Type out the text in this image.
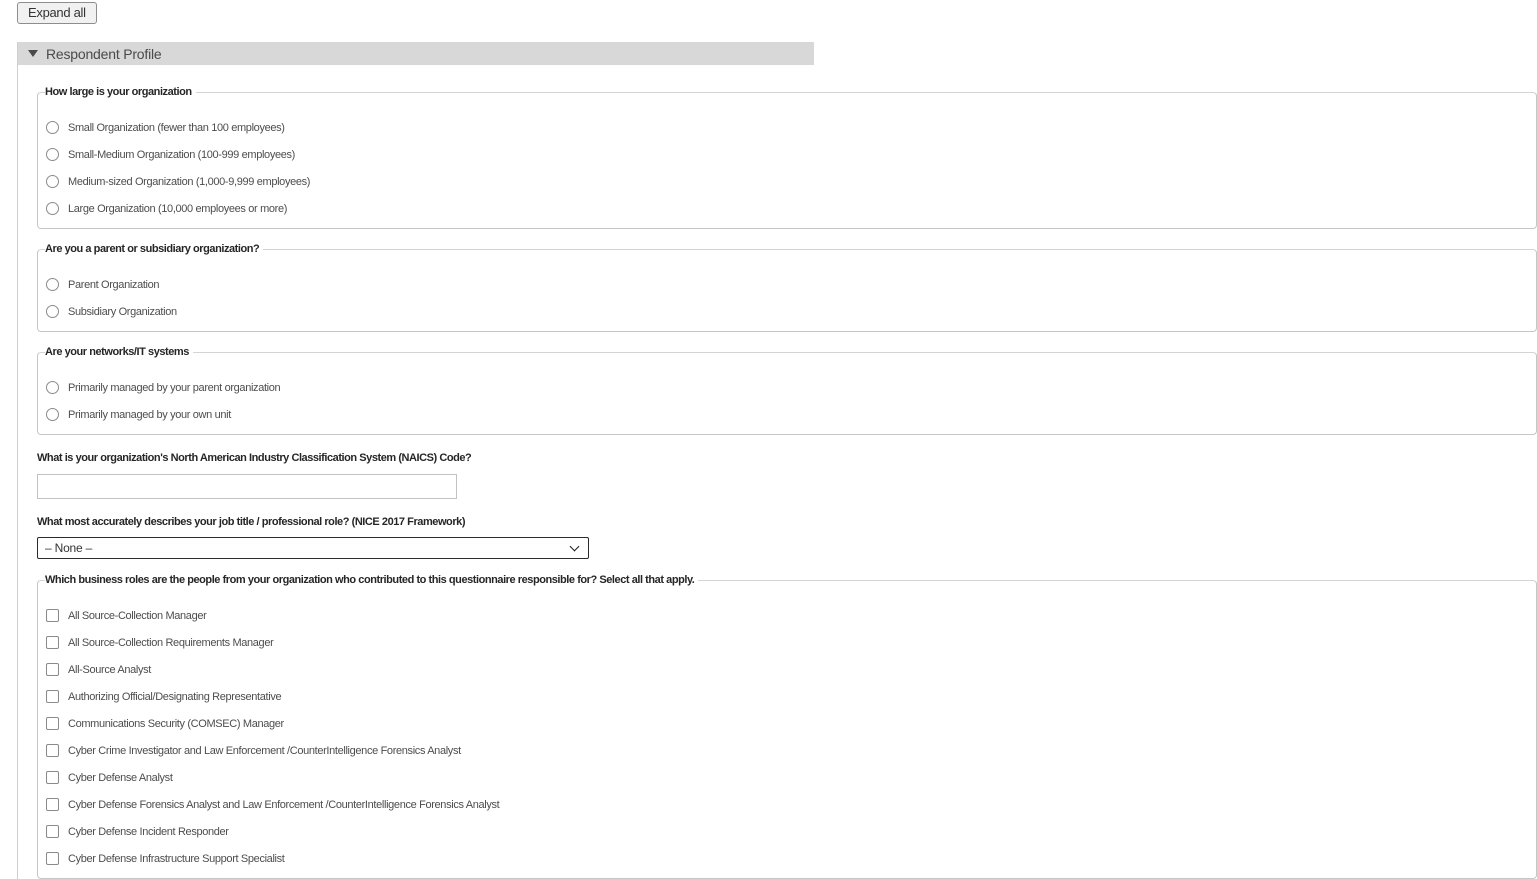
Expand all
Respondent Profile
How large is your organization
Small Organization (fewer than 100 employees)
Small-Medium Organization (100-999 employees)
Medium-sized Organization (1,000-9,999 employees)
Large Organization (10,000 employees or more)
Are you a parent or subsidiary organization?
Parent Organization
Subsidiary Organization
Are your networks/IT systems
Primarily managed by your parent organization
Primarily managed by your own unit
What is your organization's North American Industry Classification System (NAICS) Code?
What most accurately describes your job title / professional role? (NICE 2017 Framework)
– None –
Which business roles are the people from your organization who contributed to this questionnaire responsible for? Select all that apply.
All Source-Collection Manager
All Source-Collection Requirements Manager
All-Source Analyst
Authorizing Official/Designating Representative
Communications Security (COMSEC) Manager
Cyber Crime Investigator and Law Enforcement /CounterIntelligence Forensics Analyst
Cyber Defense Analyst
Cyber Defense Forensics Analyst and Law Enforcement /CounterIntelligence Forensics Analyst
Cyber Defense Incident Responder
Cyber Defense Infrastructure Support Specialist
